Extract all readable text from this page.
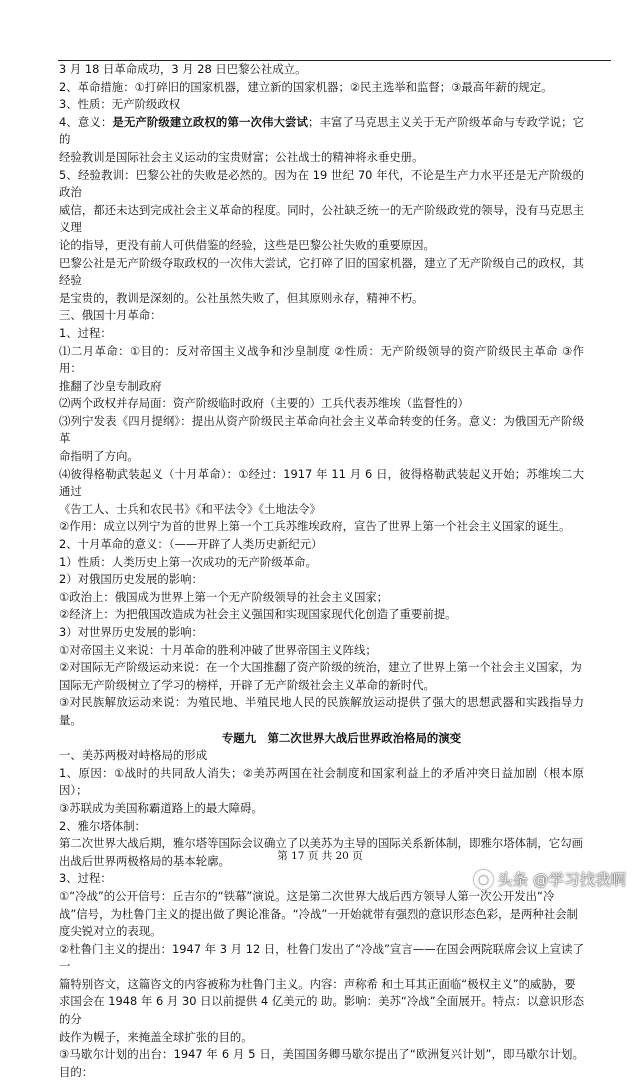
3 月 18 日革命成功，3 月 28 日巴黎公社成立。

2、革命措施：①打碎旧的国家机器，建立新的国家机器；②民主选举和监督；③最高年薪的规定。

3、性质：无产阶级政权

4、意义：是无产阶级建立政权的第一次伟大尝试；丰富了马克思主义关于无产阶级革命与专政学说；它的

经验教训是国际社会主义运动的宝贵财富；公社战士的精神将永垂史册。

5、经验教训：巴黎公社的失败是必然的。因为在 19 世纪 70 年代，不论是生产力水平还是无产阶级的政治

威信，都还未达到完成社会主义革命的程度。同时，公社缺乏统一的无产阶级政党的领导，没有马克思主义理

论的指导，更没有前人可供借鉴的经验，这些是巴黎公社失败的重要原因。

巴黎公社是无产阶级夺取政权的一次伟大尝试，它打碎了旧的国家机器，建立了无产阶级自己的政权，其经验

是宝贵的，教训是深刻的。公社虽然失败了，但其原则永存，精神不朽。

三、俄国十月革命：

1、过程：

⑴二月革命：①目的：反对帝国主义战争和沙皇制度 ②性质：无产阶级领导的资产阶级民主革命 ③作用：

推翻了沙皇专制政府

⑵两个政权并存局面：资产阶级临时政府（主要的）工兵代表苏维埃（监督性的）

⑶列宁发表《四月提纲》：提出从资产阶级民主革命向社会主义革命转变的任务。意义：为俄国无产阶级革

命指明了方向。

⑷彼得格勒武装起义（十月革命）：①经过：1917 年 11 月 6 日，彼得格勒武装起义开始；苏维埃二大通过

《告工人、士兵和农民书》《和平法令》《土地法令》

②作用：成立以列宁为首的世界上第一个工兵苏维埃政府，宣告了世界上第一个社会主义国家的诞生。

2、十月革命的意义：（——开辟了人类历史新纪元）

1）性质：人类历史上第一次成功的无产阶级革命。

2）对俄国历史发展的影响：

①政治上：俄国成为世界上第一个无产阶级领导的社会主义国家；

②经济上：为把俄国改造成为社会主义强国和实现国家现代化创造了重要前提。

3）对世界历史发展的影响：

①对帝国主义来说：十月革命的胜利冲破了世界帝国主义阵线；

②对国际无产阶级运动来说：在一个大国推翻了资产阶级的统治，建立了世界上第一个社会主义国家，为

国际无产阶级树立了学习的榜样，开辟了无产阶级社会主义革命的新时代。

③对民族解放运动来说：为殖民地、半殖民地人民的民族解放运动提供了强大的思想武器和实践指导力量。

专题九　第二次世界大战后世界政治格局的演变

一、美苏两极对峙格局的形成

1、原因：①战时的共同敌人消失；②美苏两国在社会制度和国家利益上的矛盾冲突日益加剧（根本原因）；

③苏联成为美国称霸道路上的最大障碍。

2、雅尔塔体制：

第二次世界大战后期，雅尔塔等国际会议确立了以美苏为主导的国际关系新体制，即雅尔塔体制，它勾画

出战后世界两极格局的基本轮廓。

3、过程：

①“冷战”的公开信号：丘吉尔的“铁幕”演说。这是第二次世界大战后西方领导人第一次公开发出“冷

战”信号，为杜鲁门主义的提出做了舆论准备。“冷战”一开始就带有强烈的意识形态色彩，是两种社会制

度尖锐对立的表现。

②杜鲁门主义的提出：1947 年 3 月 12 日，杜鲁门发出了“冷战”宣言——在国会两院联席会议上宣读了一

篇特别咨文，这篇咨文的内容被称为杜鲁门主义。内容：声称希 和土耳其正面临“极权主义”的威胁，要

求国会在 1948 年 6 月 30 日以前提供 4 亿美元的 助。影响：美苏“冷战”全面展开。特点：以意识形态的分

歧作为幌子，来掩盖全球扩张的目的。

③马歇尔计划的出台：1947 年 6 月 5 日，美国国务卿马歇尔提出了“欧洲复兴计划”，即马歇尔计划。目的：

第 17 页 共 20 页
● 头条 @学习找我啊
